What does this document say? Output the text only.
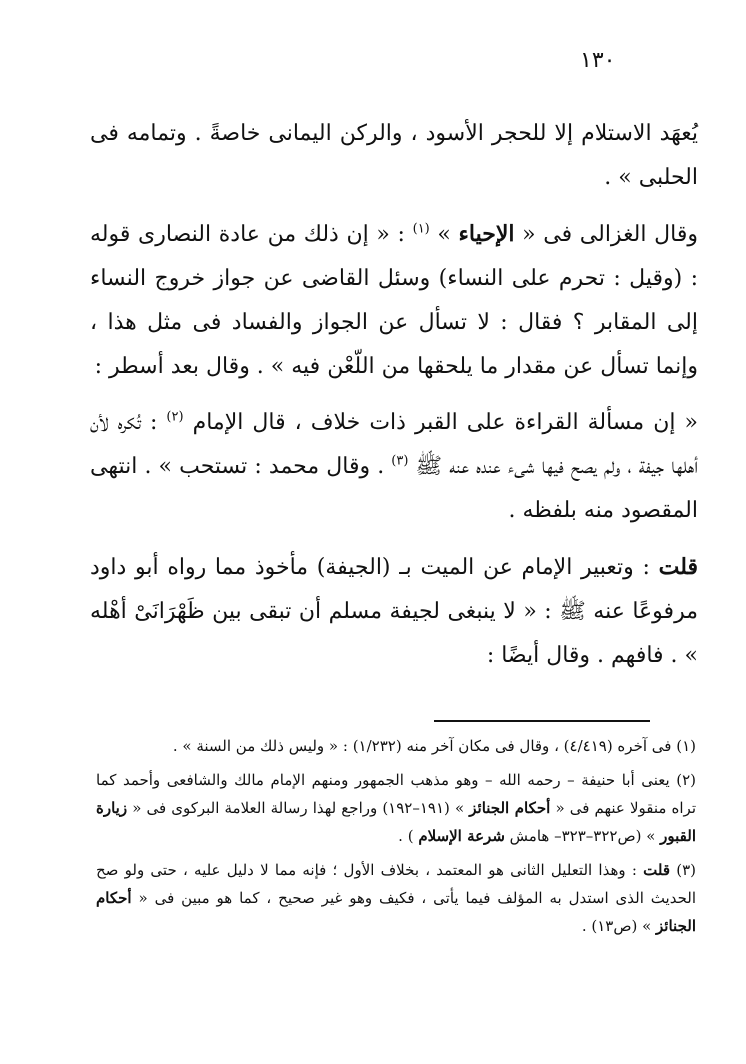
١٣٠

يُعهَد الاستلام إلا للحجر الأسود ، والركن اليمانى خاصةً . وتمامه فى الحلبى » .

وقال الغزالى فى « الإحياء » $^{(١)}$ : « إن ذلك من عادة النصارى قوله : (وقيل : تحرم على النساء) وسئل القاضى عن جواز خروج النساء إلى المقابر ؟ فقال : لا تسأل عن الجواز والفساد فى مثل هذا ، وإنما تسأل عن مقدار ما يلحقها من اللّعْن فيه » . وقال بعد أسطر :

« إن مسألة القراءة على القبر ذات خلاف ، قال الإمام $^{(٢)}$ : تُكره لأن أهلها جيفة ، ولم يصح فيها شىء عنده عنه ﷺ $^{(٣)}$ . وقال محمد : تستحب » . انتهى المقصود منه بلفظه .

قلت : وتعبير الإمام عن الميت بـ (الجيفة) مأخوذ مما رواه أبو داود مرفوعًا عنه ﷺ : « لا ينبغى لجيفة مسلم أن تبقى بين ظَهْرَانَىْ أهْله » . فافهم . وقال أيضًا :

(١) فى آخره (٤/٤١٩) ، وقال فى مكان آخر منه (١/٢٣٢) : « وليس ذلك من السنة » .

(٢) يعنى أبا حنيفة – رحمه الله – وهو مذهب الجمهور ومنهم الإمام مالك والشافعى وأحمد كما تراه منقولا عنهم فى « أحكام الجنائز » (١٩١–١٩٢) وراجع لهذا رسالة العلامة البركوى فى « زيارة القبور » (ص٣٢٢–٣٢٣– هامش شرعة الإسلام ) .

(٣) قلت : وهذا التعليل الثانى هو المعتمد ، بخلاف الأول ؛ فإنه مما لا دليل عليه ، حتى ولو صح الحديث الذى استدل به المؤلف فيما يأتى ، فكيف وهو غير صحيح ، كما هو مبين فى « أحكام الجنائز » (ص١٣) .
